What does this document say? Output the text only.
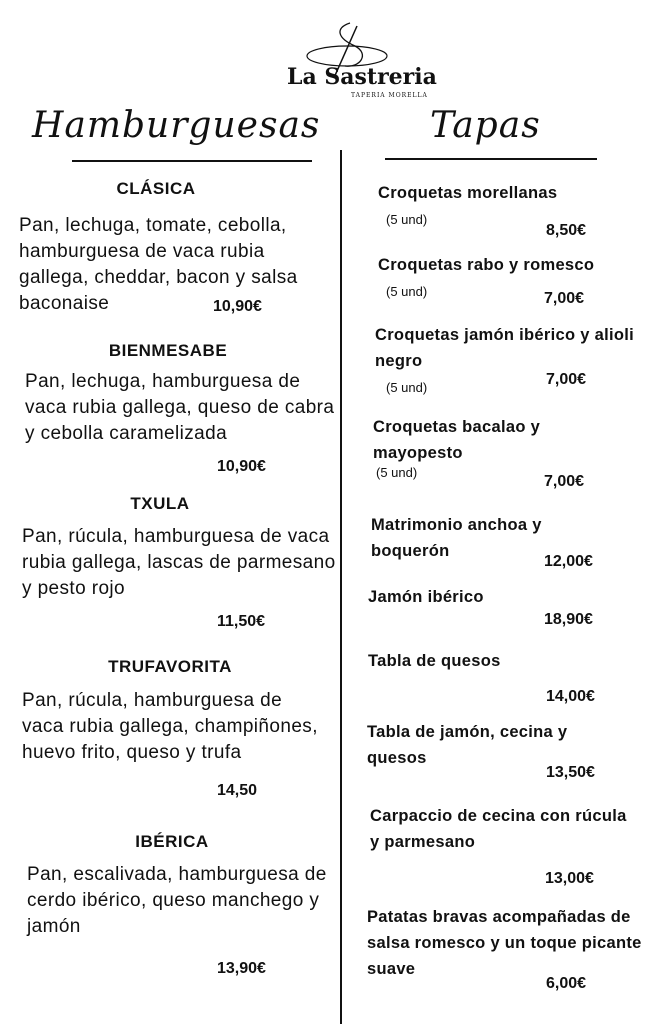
La Sastreria
TAPERIA MORELLA
Hamburguesas	Tapas
CLÁSICA
Pan, lechuga, tomate, cebolla, hamburguesa de vaca rubia gallega, cheddar, bacon y salsa baconaise	10,90€
BIENMESABE
Pan, lechuga, hamburguesa de vaca rubia gallega, queso de cabra y cebolla caramelizada
10,90€
TXULA
Pan, rúcula, hamburguesa de vaca rubia gallega, lascas de parmesano y pesto rojo
11,50€
TRUFAVORITA
Pan, rúcula, hamburguesa de vaca rubia gallega, champiñones, huevo frito, queso y trufa
14,50
IBÉRICA
Pan, escalivada, hamburguesa de cerdo ibérico, queso manchego y jamón
13,90€
Croquetas morellanas
(5 und)
8,50€
Croquetas rabo y romesco
(5 und)	7,00€
Croquetas jamón ibérico y alioli negro
(5 und)	7,00€
Croquetas bacalao y mayopesto
(5 und)
7,00€
Matrimonio anchoa y boquerón
12,00€
Jamón ibérico
18,90€
Tabla de quesos
14,00€
Tabla de jamón, cecina y quesos
13,50€
Carpaccio de cecina con rúcula y parmesano
13,00€
Patatas bravas acompañadas de salsa romesco y un toque picante suave
6,00€
